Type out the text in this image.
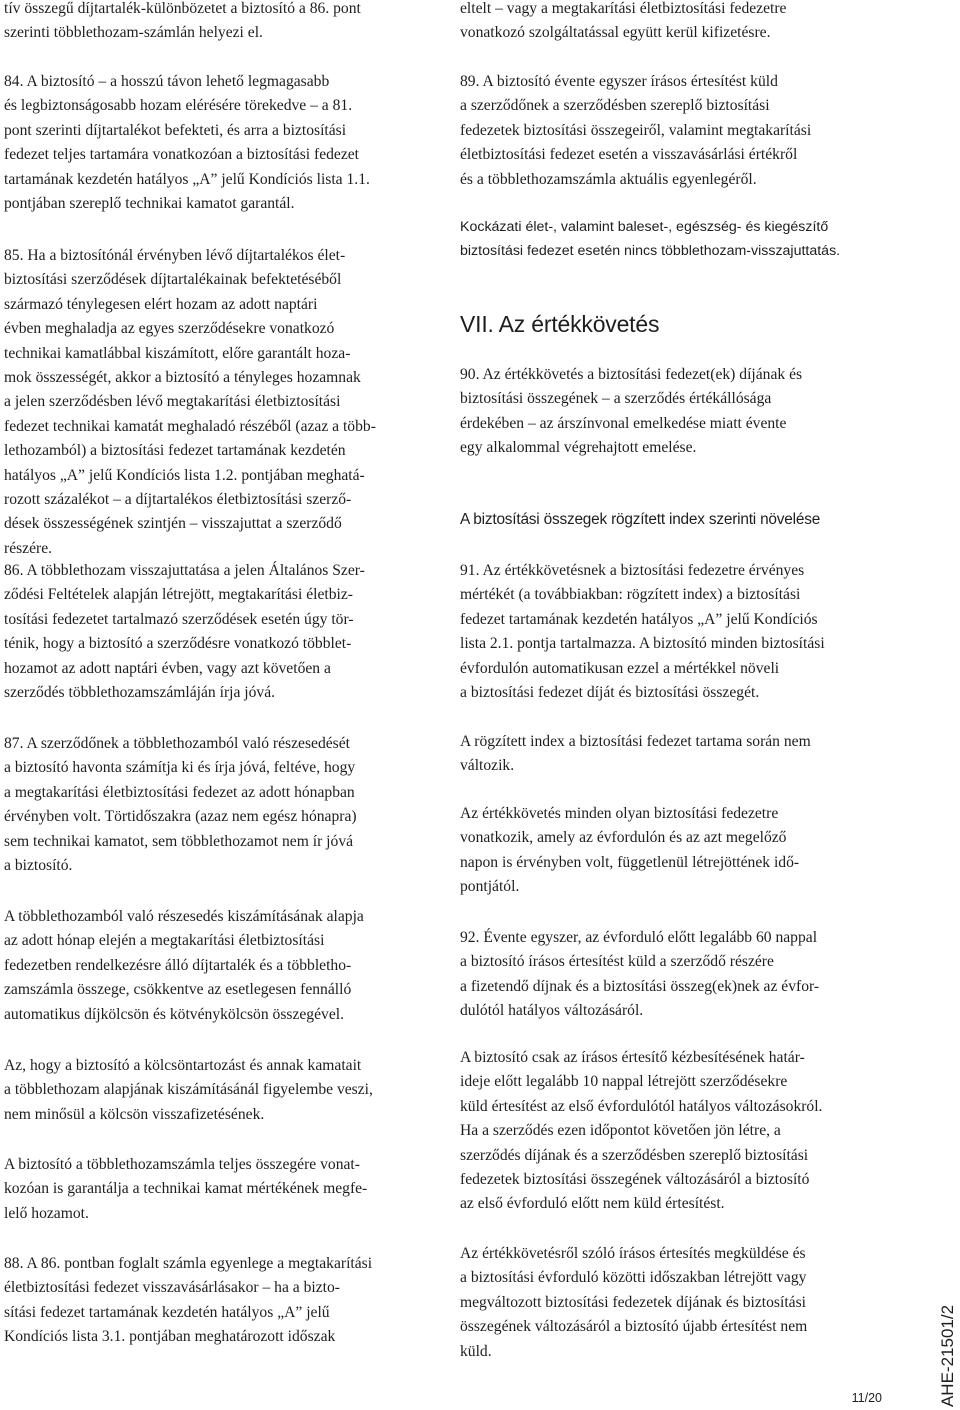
tív összegű díjtartalék-különbözetet a biztosító a 86. pont
szerinti többlethozam-számlán helyezi el.

84. A biztosító – a hosszú távon lehető legmagasabb
és legbiztonságosabb hozam elérésére törekedve – a 81.
pont szerinti díjtartalékot befekteti, és arra a biztosítási
fedezet teljes tartamára vonatkozóan a biztosítási fedezet
tartamának kezdetén hatályos „A” jelű Kondíciós lista 1.1.
pontjában szereplő technikai kamatot garantál.

85. Ha a biztosítónál érvényben lévő díjtartalékos élet-
biztosítási szerződések díjtartalékainak befektetéséből
származó ténylegesen elért hozam az adott naptári
évben meghaladja az egyes szerződésekre vonatkozó
technikai kamatlábbal kiszámított, előre garantált hoza-
mok összességét, akkor a biztosító a tényleges hozamnak
a jelen szerződésben lévő megtakarítási életbiztosítási
fedezet technikai kamatát meghaladó részéből (azaz a több-
lethozamból) a biztosítási fedezet tartamának kezdetén
hatályos „A” jelű Kondíciós lista 1.2. pontjában meghatá-
rozott százalékot – a díjtartalékos életbiztosítási szerző-
dések összességének szintjén – visszajuttat a szerződő
részére.

86. A többlethozam visszajuttatása a jelen Általános Szer-
ződési Feltételek alapján létrejött, megtakarítási életbiz-
tosítási fedezetet tartalmazó szerződések esetén úgy tör-
ténik, hogy a biztosító a szerződésre vonatkozó többlet-
hozamot az adott naptári évben, vagy azt követően a
szerződés többlethozamszámláján írja jóvá.

87. A szerződőnek a többlethozamból való részesedését
a biztosító havonta számítja ki és írja jóvá, feltéve, hogy
a megtakarítási életbiztosítási fedezet az adott hónapban
érvényben volt. Törtidőszakra (azaz nem egész hónapra)
sem technikai kamatot, sem többlethozamot nem ír jóvá
a biztosító.

A többlethozamból való részesedés kiszámításának alapja
az adott hónap elején a megtakarítási életbiztosítási
fedezetben rendelkezésre álló díjtartalék és a többletho-
zamszámla összege, csökkentve az esetlegesen fennálló
automatikus díjkölcsön és kötvénykölcsön összegével.

Az, hogy a biztosító a kölcsöntartozást és annak kamatait
a többlethozam alapjának kiszámításánál figyelembe veszi,
nem minősül a kölcsön visszafizetésének.

A biztosító a többlethozamszámla teljes összegére vonat-
kozóan is garantálja a technikai kamat mértékének megfe-
lelő hozamot.

88. A 86. pontban foglalt számla egyenlege a megtakarítási
életbiztosítási fedezet visszavásárlásakor – ha a bizto-
sítási fedezet tartamának kezdetén hatályos „A” jelű
Kondíciós lista 3.1. pontjában meghatározott időszak

eltelt – vagy a megtakarítási életbiztosítási fedezetre
vonatkozó szolgáltatással együtt kerül kifizetésre.

89. A biztosító évente egyszer írásos értesítést küld
a szerződőnek a szerződésben szereplő biztosítási
fedezetek biztosítási összegeiről, valamint megtakarítási
életbiztosítási fedezet esetén a visszavásárlási értékről
és a többlethozamszámla aktuális egyenlegéről.

Kockázati élet-, valamint baleset-, egészség- és kiegészítő
biztosítási fedezet esetén nincs többlethozam-visszajuttatás.

VII. Az értékkövetés

90. Az értékkövetés a biztosítási fedezet(ek) díjának és
biztosítási összegének – a szerződés értékállósága
érdekében – az árszínvonal emelkedése miatt évente
egy alkalommal végrehajtott emelése.

A biztosítási összegek rögzített index szerinti növelése

91. Az értékkövetésnek a biztosítási fedezetre érvényes
mértékét (a továbbiakban: rögzített index) a biztosítási
fedezet tartamának kezdetén hatályos „A” jelű Kondíciós
lista 2.1. pontja tartalmazza. A biztosító minden biztosítási
évfordulón automatikusan ezzel a mértékkel növeli
a biztosítási fedezet díját és biztosítási összegét.

A rögzített index a biztosítási fedezet tartama során nem
változik.

Az értékkövetés minden olyan biztosítási fedezetre
vonatkozik, amely az évfordulón és az azt megelőző
napon is érvényben volt, függetlenül létrejöttének idő-
pontjától.

92. Évente egyszer, az évforduló előtt legalább 60 nappal
a biztosító írásos értesítést küld a szerződő részére
a fizetendő díjnak és a biztosítási összeg(ek)nek az évfor-
dulótól hatályos változásáról.

A biztosító csak az írásos értesítő kézbesítésének határ-
ideje előtt legalább 10 nappal létrejött szerződésekre
küld értesítést az első évfordulótól hatályos változásokról.
Ha a szerződés ezen időpontot követően jön létre, a
szerződés díjának és a szerződésben szereplő biztosítási
fedezetek biztosítási összegének változásáról a biztosító
az első évforduló előtt nem küld értesítést.

Az értékkövetésről szóló írásos értesítés megküldése és
a biztosítási évforduló közötti időszakban létrejött vagy
megváltozott biztosítási fedezetek díjának és biztosítási
összegének változásáról a biztosító újabb értesítést nem
küld.	AHE-21501/2
11/20
